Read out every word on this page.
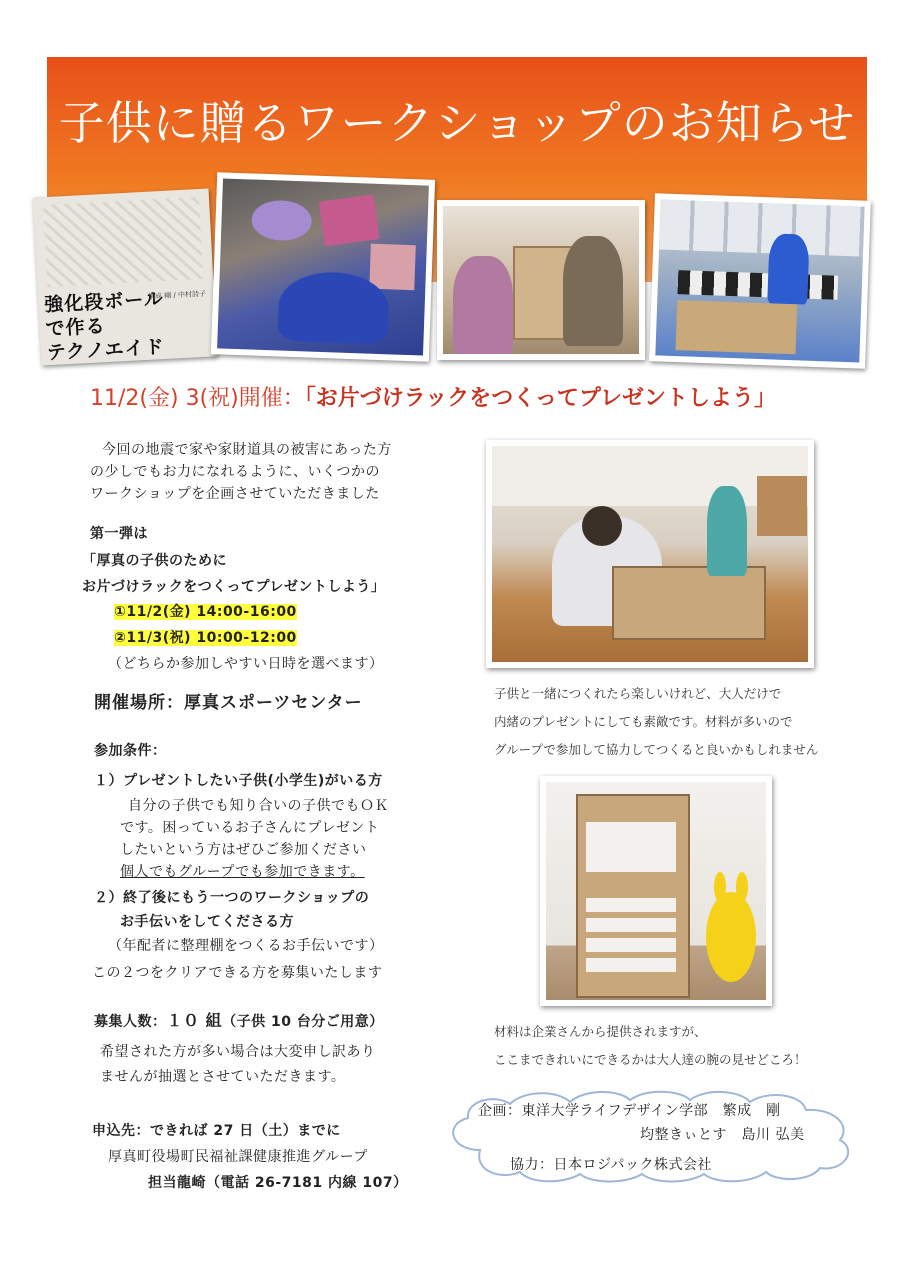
子供に贈るワークショップのお知らせ
強化段ボール
で作る
テクノエイド
繁成 剛 / 中村詩子
11/2(金) 3(祝)開催：「お片づけラックをつくってプレゼントしよう」
今回の地震で家や家財道具の被害にあった方
の少しでもお力になれるように、いくつかの
ワークショップを企画させていただきました
第一弾は
「厚真の子供のために
お片づけラックをつくってプレゼントしよう」
①11/2(金) 14:00-16:00
②11/3(祝) 10:00-12:00
（どちらか参加しやすい日時を選べます）
開催場所：厚真スポーツセンター
参加条件：
１）プレゼントしたい子供(小学生)がいる方
自分の子供でも知り合いの子供でもＯＫ
です。困っているお子さんにプレゼント
したいという方はぜひご参加ください
個人でもグループでも参加できます。
２）終了後にもう一つのワークショップの
お手伝いをしてくださる方
（年配者に整理棚をつくるお手伝いです）
この２つをクリアできる方を募集いたします
募集人数：１０ 組（子供 10 台分ご用意）
希望された方が多い場合は大変申し訳あり
ませんが抽選とさせていただきます。
申込先：できれば 27 日（土）までに
厚真町役場町民福祉課健康推進グループ
担当龍崎（電話 26-7181 内線 107）
子供と一緒につくれたら楽しいけれど、大人だけで
内緒のプレゼントにしても素敵です。材料が多いので
グループで参加して協力してつくると良いかもしれません
材料は企業さんから提供されますが、
ここまできれいにできるかは大人達の腕の見せどころ！
企画：東洋大学ライフデザイン学部　繁成　剛
均整きぃとす　島川 弘美
協力：日本ロジパック株式会社
